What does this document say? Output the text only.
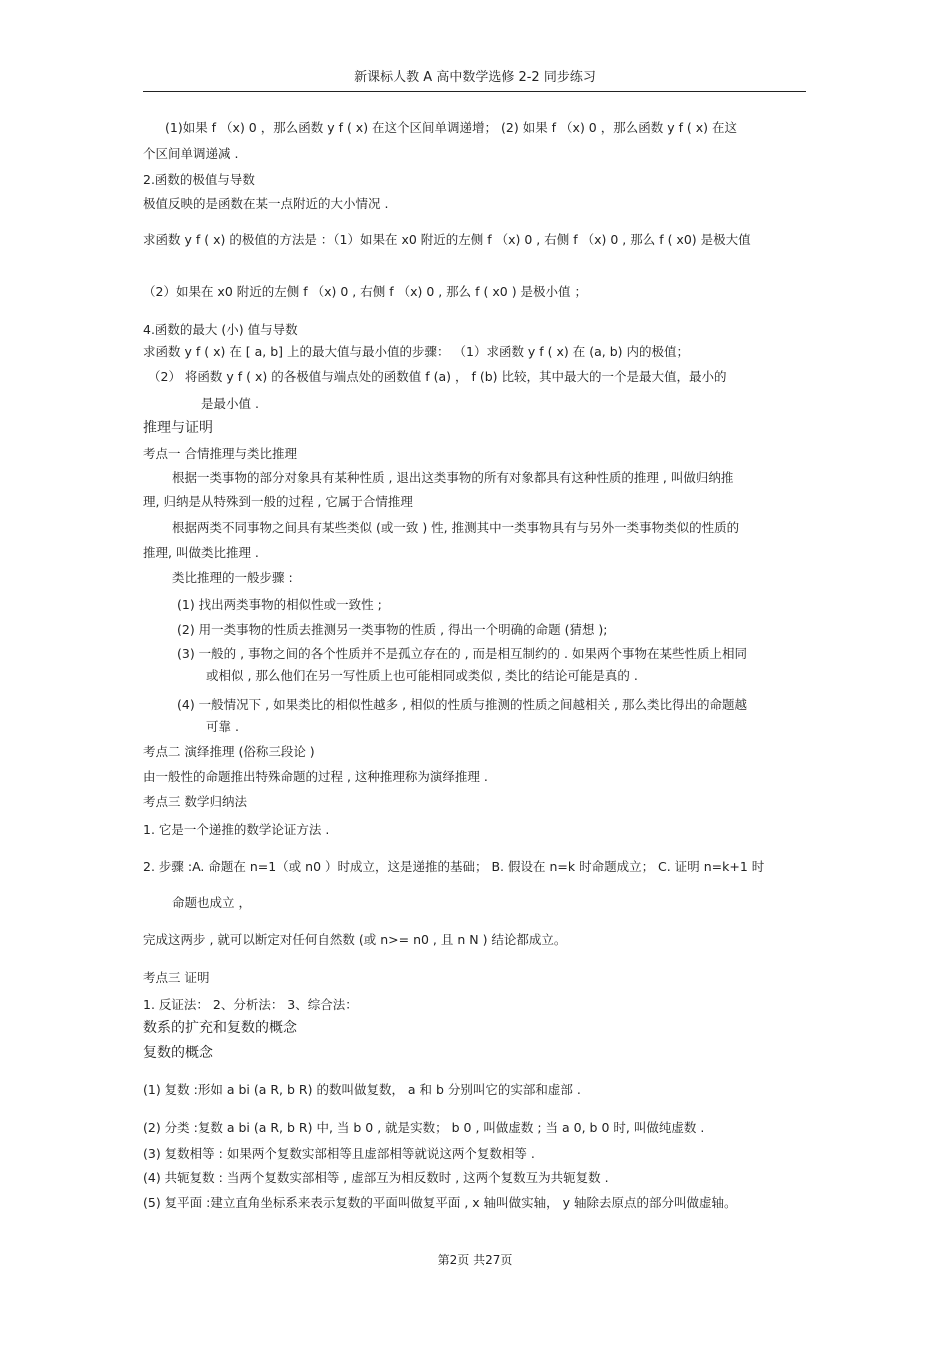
新课标人教 A 高中数学选修 2-2 同步练习
(1)如果 f （x) 0 ，那么函数 y f ( x) 在这个区间单调递增； (2) 如果 f （x) 0 ，那么函数 y f ( x) 在这
个区间单调递减 .
2.函数的极值与导数
极值反映的是函数在某一点附近的大小情况 .
求函数 y f ( x) 的极值的方法是 ：（1）如果在 x0 附近的左侧 f （x) 0 , 右侧 f （x) 0 , 那么 f ( x0) 是极大值
（2）如果在 x0 附近的左侧 f （x) 0 , 右侧 f （x) 0 , 那么 f ( x0 ) 是极小值 ；
4.函数的最大 (小) 值与导数
求函数 y f ( x) 在 [ a, b] 上的最大值与最小值的步骤： （1）求函数 y f ( x) 在 (a, b) 内的极值；
（2） 将函数 y f ( x) 的各极值与端点处的函数值 f (a) ， f (b) 比较，其中最大的一个是最大值，最小的
是最小值 .
推理与证明
考点一 合情推理与类比推理
根据一类事物的部分对象具有某种性质 , 退出这类事物的所有对象都具有这种性质的推理 , 叫做归纳推
理, 归纳是从特殊到一般的过程 , 它属于合情推理
根据两类不同事物之间具有某些类似 (或一致 ) 性, 推测其中一类事物具有与另外一类事物类似的性质的
推理, 叫做类比推理 .
类比推理的一般步骤 :
(1) 找出两类事物的相似性或一致性 ;
(2) 用一类事物的性质去推测另一类事物的性质 , 得出一个明确的命题 (猜想 );
(3) 一般的 , 事物之间的各个性质并不是孤立存在的 , 而是相互制约的 . 如果两个事物在某些性质上相同
或相似 , 那么他们在另一写性质上也可能相同或类似 , 类比的结论可能是真的 .
(4) 一般情况下 , 如果类比的相似性越多 , 相似的性质与推测的性质之间越相关 , 那么类比得出的命题越
可靠 .
考点二 演绎推理 (俗称三段论 )
由一般性的命题推出特殊命题的过程 , 这种推理称为演绎推理 .
考点三 数学归纳法
1. 它是一个递推的数学论证方法 .
2. 步骤 :A. 命题在 n=1（或 n0 ）时成立，这是递推的基础； B. 假设在 n=k 时命题成立； C. 证明 n=k+1 时
命题也成立 ，
完成这两步 , 就可以断定对任何自然数 (或 n>= n0 , 且 n N ) 结论都成立。
考点三 证明
1. 反证法： 2、分析法： 3、综合法：
数系的扩充和复数的概念
复数的概念
(1) 复数 :形如 a bi (a R, b R) 的数叫做复数， a 和 b 分别叫它的实部和虚部 .
(2) 分类 :复数 a bi (a R, b R) 中, 当 b 0 , 就是实数； b 0 , 叫做虚数 ; 当 a 0, b 0 时, 叫做纯虚数 .
(3) 复数相等 : 如果两个复数实部相等且虚部相等就说这两个复数相等 .
(4) 共轭复数 : 当两个复数实部相等 , 虚部互为相反数时 , 这两个复数互为共轭复数 .
(5) 复平面 :建立直角坐标系来表示复数的平面叫做复平面 , x 轴叫做实轴， y 轴除去原点的部分叫做虚轴。
第2页 共27页
